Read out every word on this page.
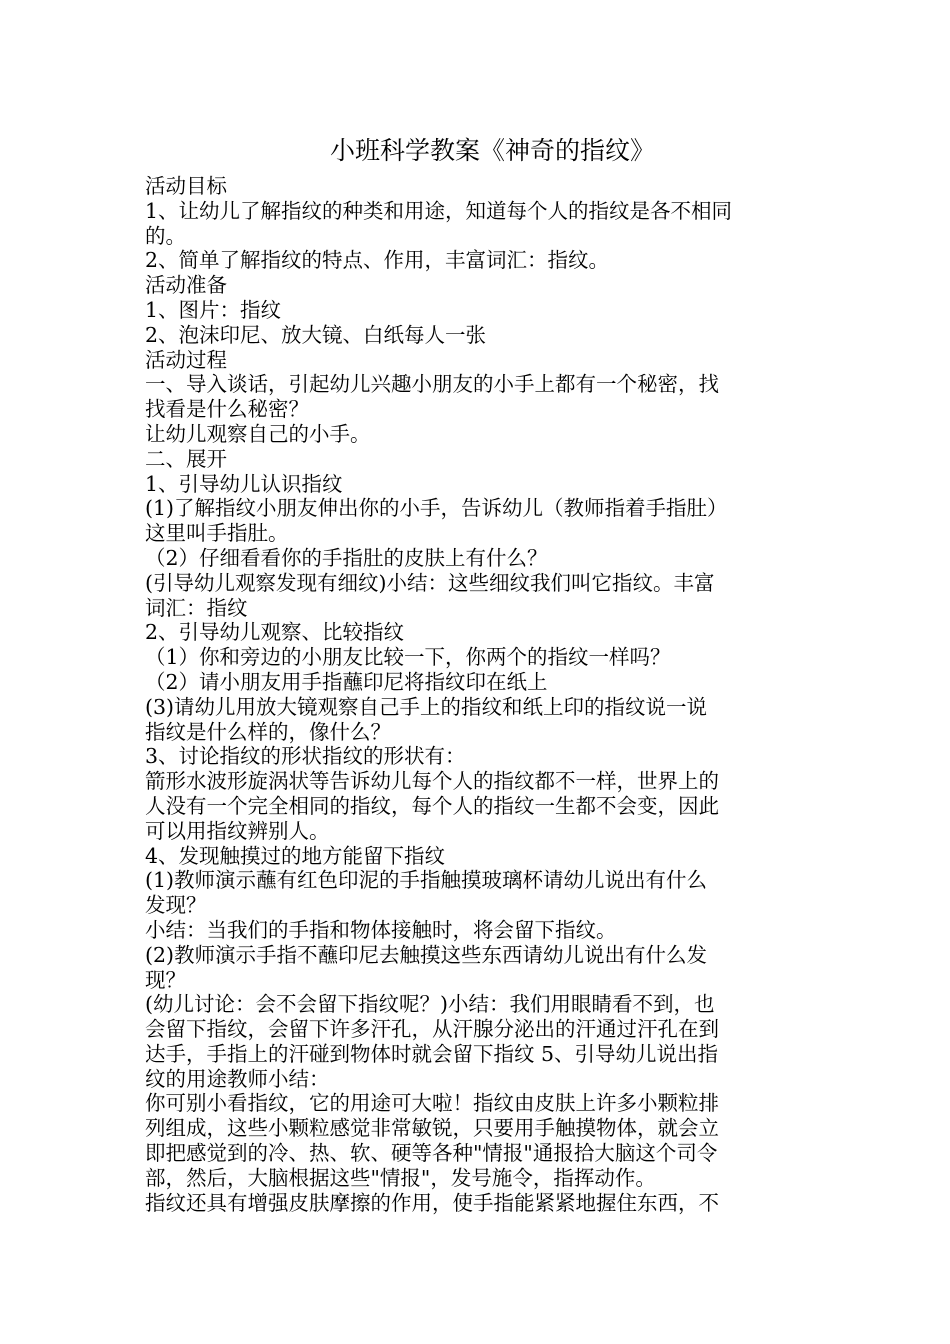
小班科学教案《神奇的指纹》
活动目标
1、让幼儿了解指纹的种类和用途，知道每个人的指纹是各不相同
的。
2、简单了解指纹的特点、作用，丰富词汇：指纹。
活动准备
1、图片：指纹
2、泡沫印尼、放大镜、白纸每人一张
活动过程
一、导入谈话，引起幼儿兴趣小朋友的小手上都有一个秘密，找
找看是什么秘密？
让幼儿观察自己的小手。
二、展开
1、引导幼儿认识指纹
(1)了解指纹小朋友伸出你的小手，告诉幼儿（教师指着手指肚）
这里叫手指肚。
（2）仔细看看你的手指肚的皮肤上有什么？
(引导幼儿观察发现有细纹)小结：这些细纹我们叫它指纹。丰富
词汇：指纹
2、引导幼儿观察、比较指纹
（1）你和旁边的小朋友比较一下，你两个的指纹一样吗？
（2）请小朋友用手指蘸印尼将指纹印在纸上
(3)请幼儿用放大镜观察自己手上的指纹和纸上印的指纹说一说
指纹是什么样的，像什么？
3、讨论指纹的形状指纹的形状有：
箭形水波形旋涡状等告诉幼儿每个人的指纹都不一样，世界上的
人没有一个完全相同的指纹，每个人的指纹一生都不会变，因此
可以用指纹辨别人。
4、发现触摸过的地方能留下指纹
(1)教师演示蘸有红色印泥的手指触摸玻璃杯请幼儿说出有什么
发现？
小结：当我们的手指和物体接触时，将会留下指纹。
(2)教师演示手指不蘸印尼去触摸这些东西请幼儿说出有什么发
现？
(幼儿讨论：会不会留下指纹呢？)小结：我们用眼睛看不到，也
会留下指纹，会留下许多汗孔，从汗腺分泌出的汗通过汗孔在到
达手，手指上的汗碰到物体时就会留下指纹 5、引导幼儿说出指
纹的用途教师小结：
你可别小看指纹，它的用途可大啦！指纹由皮肤上许多小颗粒排
列组成，这些小颗粒感觉非常敏锐，只要用手触摸物体，就会立
即把感觉到的冷、热、软、硬等各种"情报"通报拾大脑这个司令
部，然后，大脑根据这些"情报"，发号施令，指挥动作。
指纹还具有增强皮肤摩擦的作用，使手指能紧紧地握住东西，不
